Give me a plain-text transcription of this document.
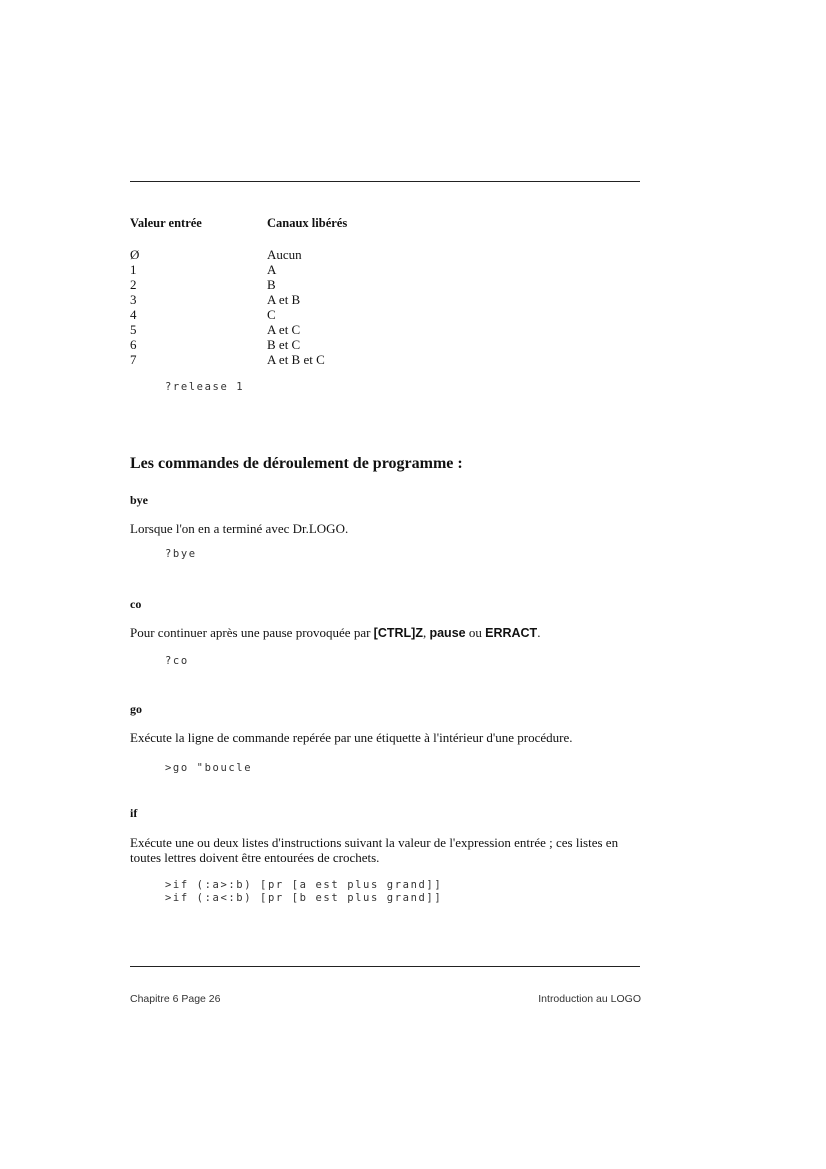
Valeur entrée	Canaux libérés
Ø	Aucun
1	A
2	B
3	A et B
4	C
5	A et C
6	B et C
7	A et B et C
?release 1
Les commandes de déroulement de programme :
bye
Lorsque l'on en a terminé avec Dr.LOGO.
?bye
co
Pour continuer après une pause provoquée par [CTRL]Z, pause ou ERRACT.
?co
go
Exécute la ligne de commande repérée par une étiquette à l'intérieur d'une procédure.
>go "boucle
if
Exécute une ou deux listes d'instructions suivant la valeur de l'expression entrée ; ces listes en toutes lettres doivent être entourées de crochets.
>if (:a>:b) [pr [a est plus grand]]
>if (:a<:b) [pr [b est plus grand]]
Chapitre 6 Page 26	Introduction au LOGO
